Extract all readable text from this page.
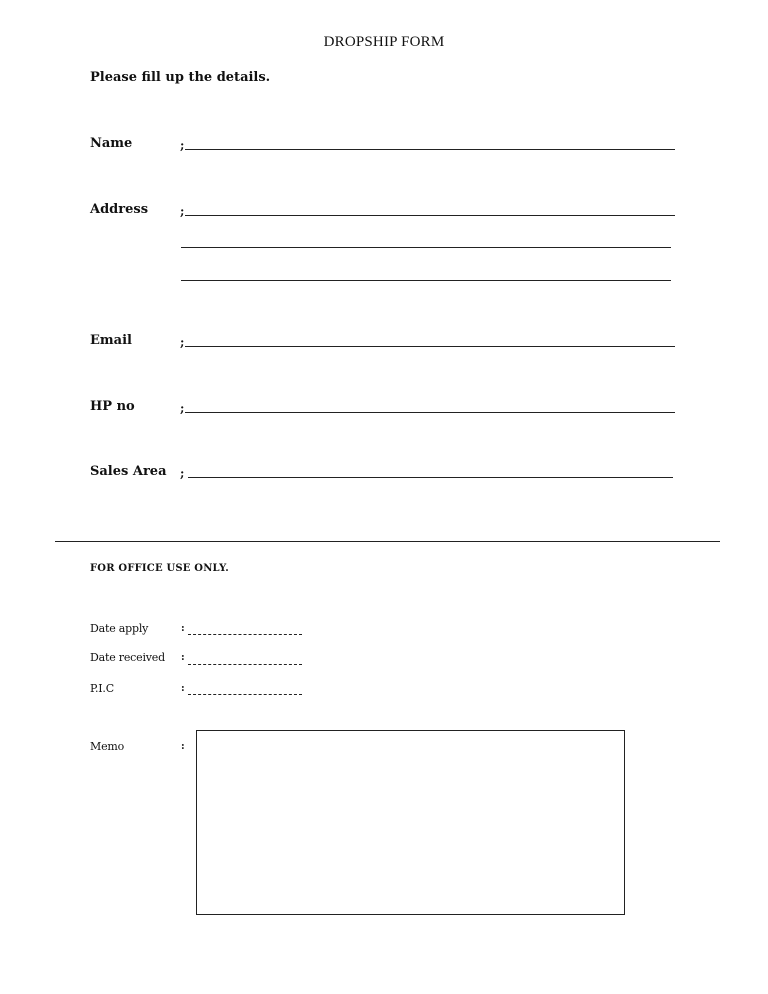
DROPSHIP FORM
Please fill up the details.
Name	;
Address	;
Email	;
HP no	;
Sales Area ;
FOR OFFICE USE ONLY.
Date apply	:
Date received :
P.I.C	:
Memo	:
